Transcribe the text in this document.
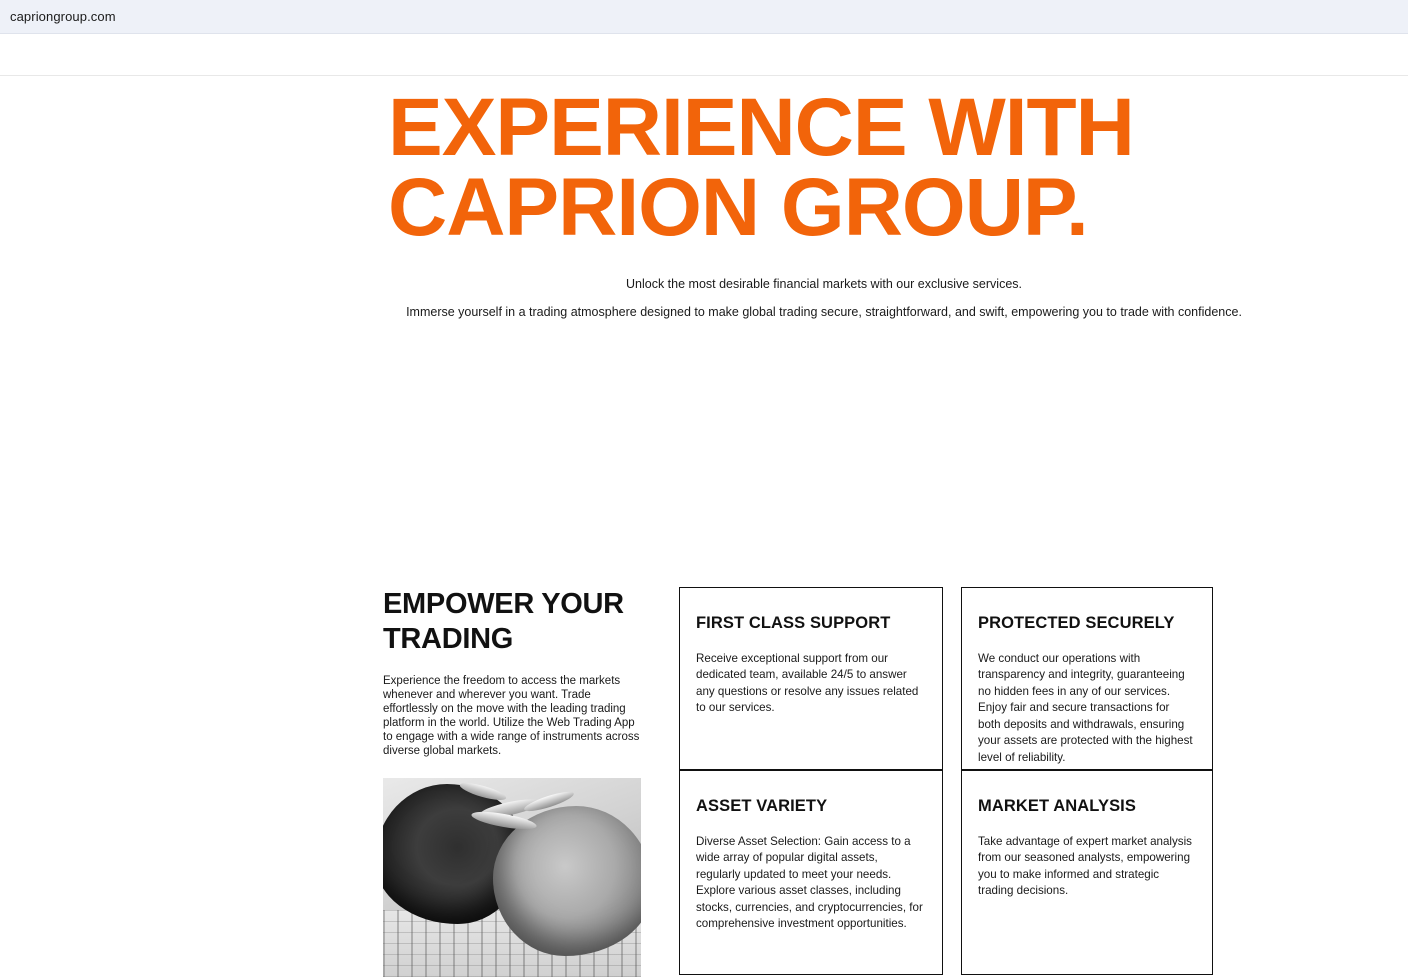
capriongroup.com
EXPERIENCE WITH CAPRION GROUP.

Unlock the most desirable financial markets with our exclusive services.

Immerse yourself in a trading atmosphere designed to make global trading secure, straightforward, and swift, empowering you to trade with confidence.

EMPOWER YOUR TRADING

Experience the freedom to access the markets whenever and wherever you want. Trade effortlessly on the move with the leading trading platform in the world. Utilize the Web Trading App to engage with a wide range of instruments across diverse global markets.

FIRST CLASS SUPPORT

Receive exceptional support from our dedicated team, available 24/5 to answer any questions or resolve any issues related to our services.

PROTECTED SECURELY

We conduct our operations with transparency and integrity, guaranteeing no hidden fees in any of our services. Enjoy fair and secure transactions for both deposits and withdrawals, ensuring your assets are protected with the highest level of reliability.

ASSET VARIETY

Diverse Asset Selection: Gain access to a wide array of popular digital assets, regularly updated to meet your needs. Explore various asset classes, including stocks, currencies, and cryptocurrencies, for comprehensive investment opportunities.

MARKET ANALYSIS

Take advantage of expert market analysis from our seasoned analysts, empowering you to make informed and strategic trading decisions.
